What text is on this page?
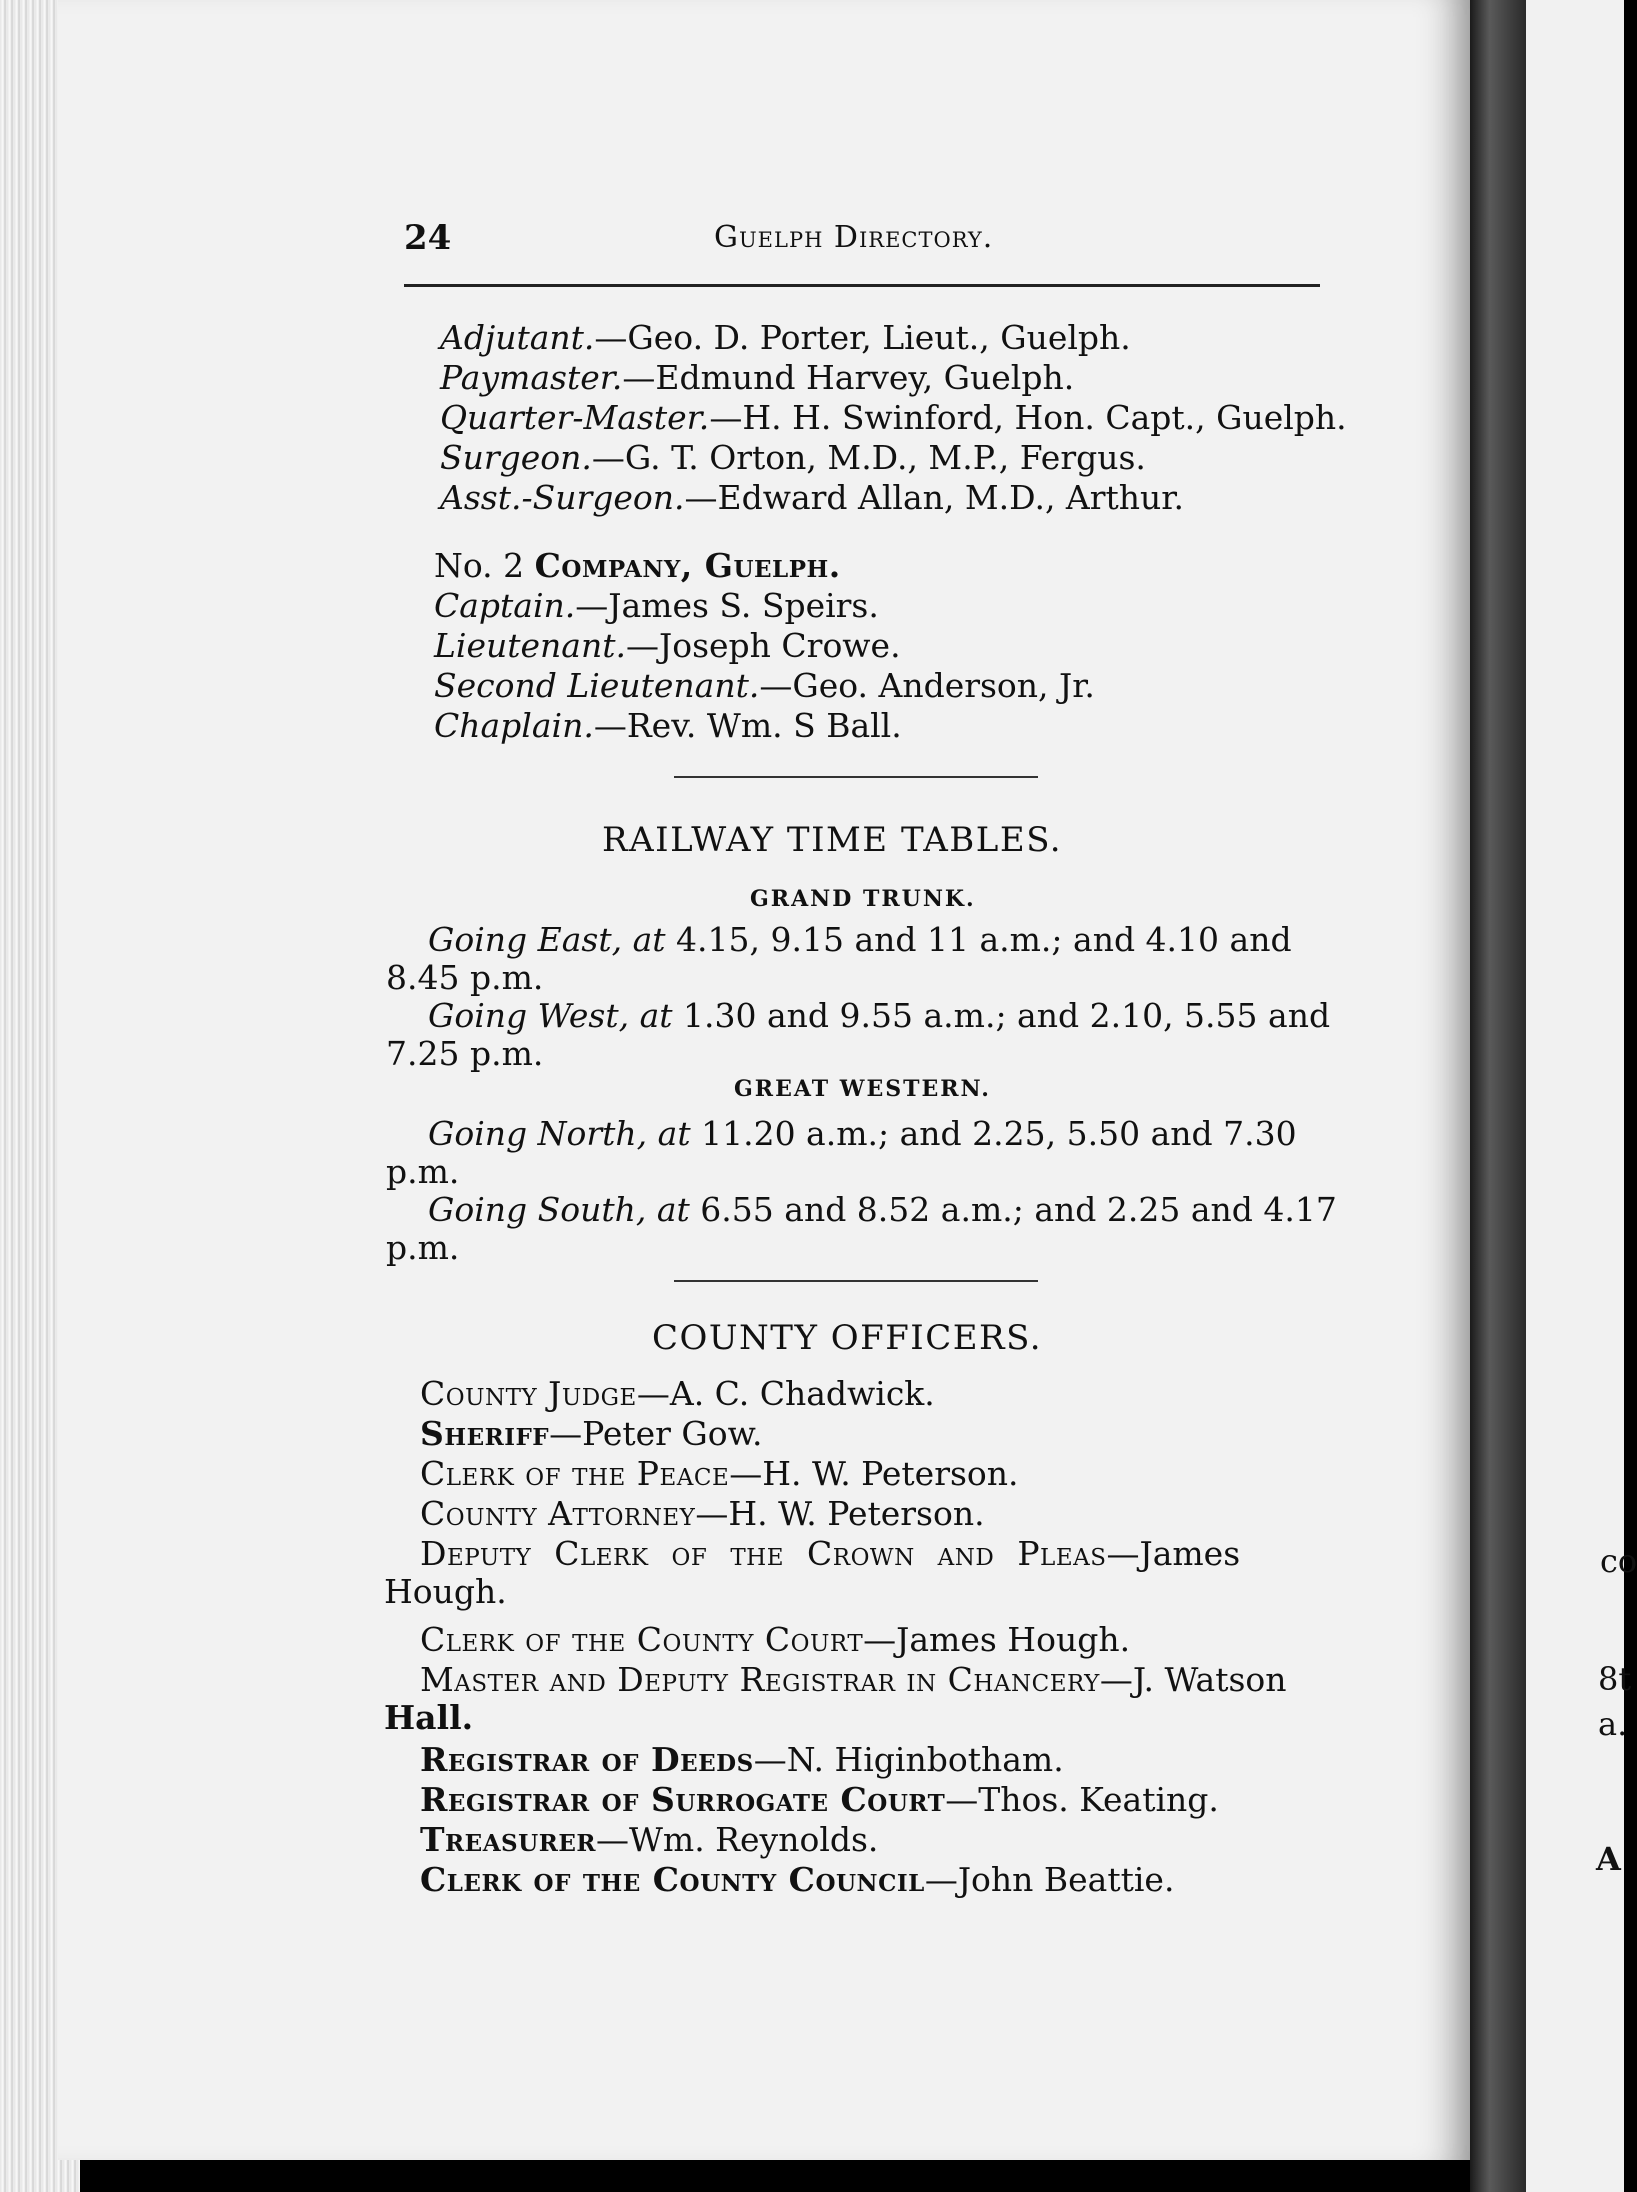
co
8t
a.
A
24	Guelph Directory.
Adjutant.—Geo. D. Porter, Lieut., Guelph.
Paymaster.—Edmund Harvey, Guelph.
Quarter-Master.—H. H. Swinford, Hon. Capt., Guelph.
Surgeon.—G. T. Orton, M.D., M.P., Fergus.
Asst.-Surgeon.—Edward Allan, M.D., Arthur.
No. 2 Company, Guelph.
Captain.—James S. Speirs.
Lieutenant.—Joseph Crowe.
Second Lieutenant.—Geo. Anderson, Jr.
Chaplain.—Rev. Wm. S Ball.
RAILWAY TIME TABLES.
GRAND TRUNK.
Going East, at 4.15, 9.15 and 11 a.m.; and 4.10 and
8.45 p.m.
Going West, at 1.30 and 9.55 a.m.; and 2.10, 5.55 and
7.25 p.m.
GREAT WESTERN.
Going North, at 11.20 a.m.; and 2.25, 5.50 and 7.30
p.m.
Going South, at 6.55 and 8.52 a.m.; and 2.25 and 4.17
p.m.
COUNTY OFFICERS.
County Judge—A. C. Chadwick.
Sheriff—Peter Gow.
Clerk of the Peace—H. W. Peterson.
County Attorney—H. W. Peterson.
Deputy Clerk of the Crown and Pleas—James
Hough.
Clerk of the County Court—James Hough.
Master and Deputy Registrar in Chancery—J. Watson
Hall.
Registrar of Deeds—N. Higinbotham.
Registrar of Surrogate Court—Thos. Keating.
Treasurer—Wm. Reynolds.
Clerk of the County Council—John Beattie.
